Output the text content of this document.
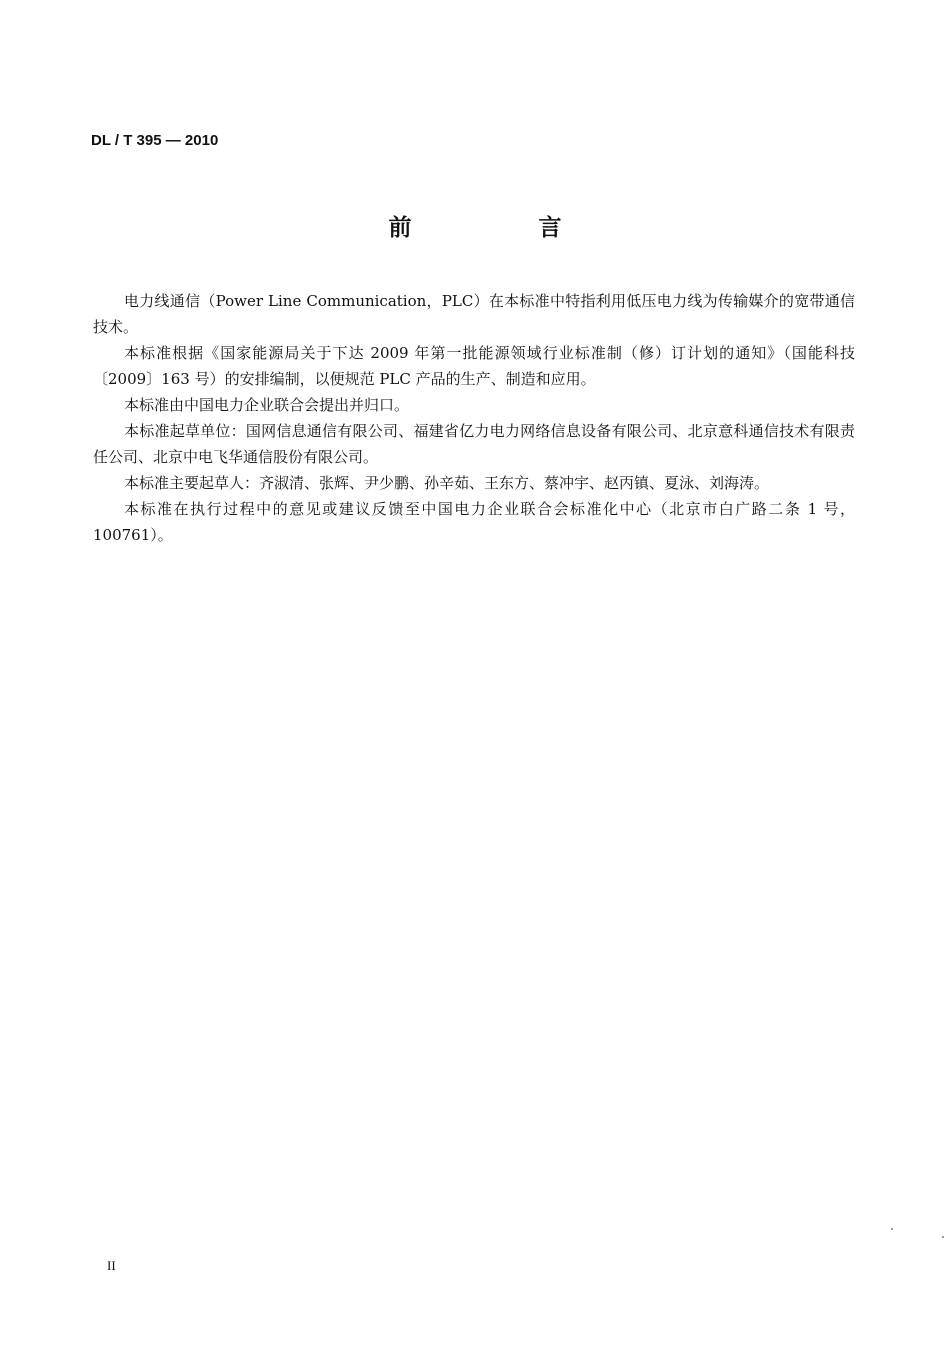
DL / T 395 — 2010
前　言

电力线通信（Power Line Communication，PLC）在本标准中特指利用低压电力线为传输媒介的宽带通信技术。

本标准根据《国家能源局关于下达 2009 年第一批能源领域行业标准制（修）订计划的通知》（国能科技〔2009〕163 号）的安排编制，以便规范 PLC 产品的生产、制造和应用。

本标准由中国电力企业联合会提出并归口。

本标准起草单位：国网信息通信有限公司、福建省亿力电力网络信息设备有限公司、北京意科通信技术有限责任公司、北京中电飞华通信股份有限公司。

本标准主要起草人：齐淑清、张辉、尹少鹏、孙辛茹、王东方、蔡冲宇、赵丙镇、夏泳、刘海涛。

本标准在执行过程中的意见或建议反馈至中国电力企业联合会标准化中心（北京市白广路二条 1 号，100761）。

II
